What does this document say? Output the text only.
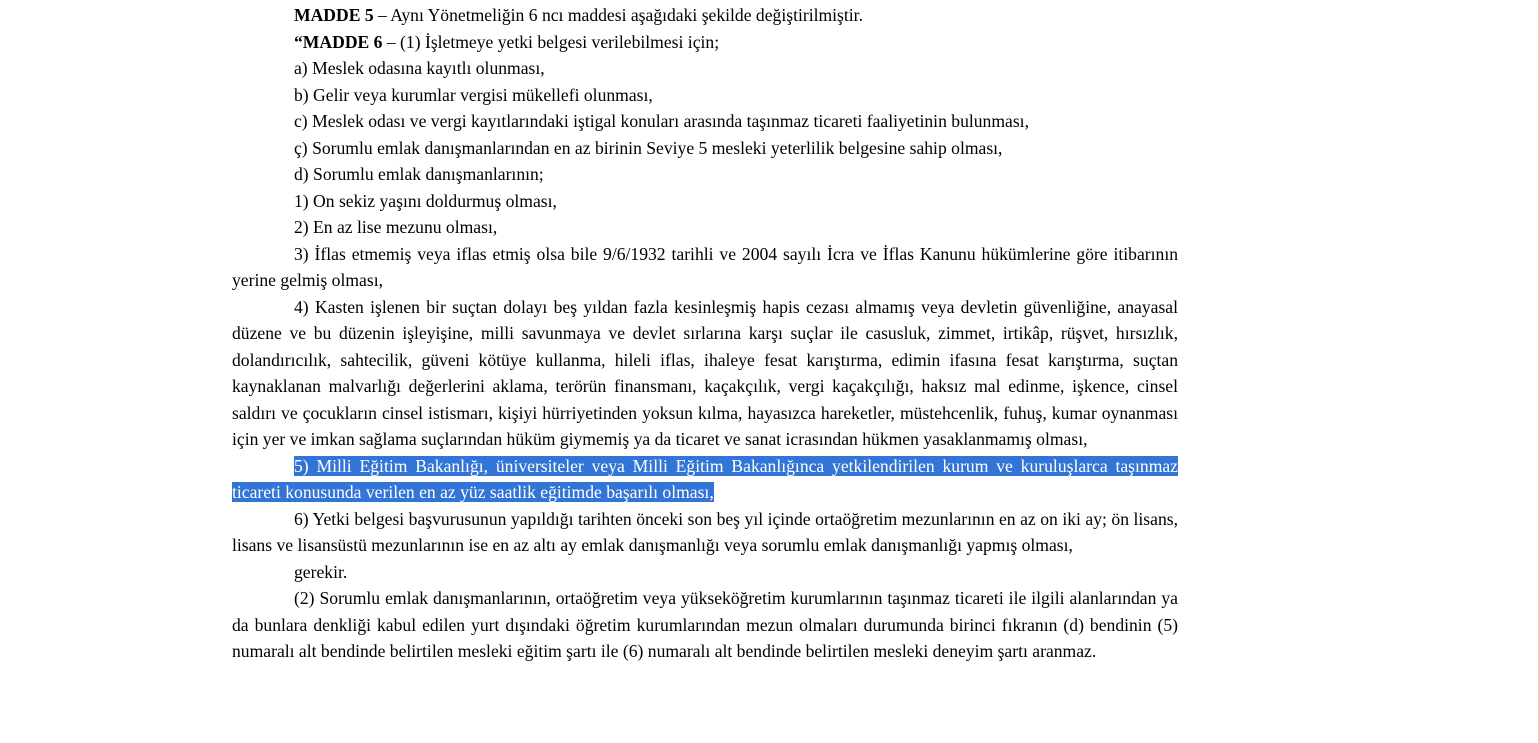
MADDE 5 – Aynı Yönetmeliğin 6 ncı maddesi aşağıdaki şekilde değiştirilmiştir.

“MADDE 6 – (1) İşletmeye yetki belgesi verilebilmesi için;

a) Meslek odasına kayıtlı olunması,

b) Gelir veya kurumlar vergisi mükellefi olunması,

c) Meslek odası ve vergi kayıtlarındaki iştigal konuları arasında taşınmaz ticareti faaliyetinin bulunması,

ç) Sorumlu emlak danışmanlarından en az birinin Seviye 5 mesleki yeterlilik belgesine sahip olması,

d) Sorumlu emlak danışmanlarının;

1) On sekiz yaşını doldurmuş olması,

2) En az lise mezunu olması,

3) İflas etmemiş veya iflas etmiş olsa bile 9/6/1932 tarihli ve 2004 sayılı İcra ve İflas Kanunu hükümlerine göre itibarının yerine gelmiş olması,

4) Kasten işlenen bir suçtan dolayı beş yıldan fazla kesinleşmiş hapis cezası almamış veya devletin güvenliğine, anayasal düzene ve bu düzenin işleyişine, milli savunmaya ve devlet sırlarına karşı suçlar ile casusluk, zimmet, irtikâp, rüşvet, hırsızlık, dolandırıcılık, sahtecilik, güveni kötüye kullanma, hileli iflas, ihaleye fesat karıştırma, edimin ifasına fesat karıştırma, suçtan kaynaklanan malvarlığı değerlerini aklama, terörün finansmanı, kaçakçılık, vergi kaçakçılığı, haksız mal edinme, işkence, cinsel saldırı ve çocukların cinsel istismarı, kişiyi hürriyetinden yoksun kılma, hayasızca hareketler, müstehcenlik, fuhuş, kumar oynanması için yer ve imkan sağlama suçlarından hüküm giymemiş ya da ticaret ve sanat icrasından hükmen yasaklanmamış olması,

5) Milli Eğitim Bakanlığı, üniversiteler veya Milli Eğitim Bakanlığınca yetkilendirilen kurum ve kuruluşlarca taşınmaz ticareti konusunda verilen en az yüz saatlik eğitimde başarılı olması,

6) Yetki belgesi başvurusunun yapıldığı tarihten önceki son beş yıl içinde ortaöğretim mezunlarının en az on iki ay; ön lisans, lisans ve lisansüstü mezunlarının ise en az altı ay emlak danışmanlığı veya sorumlu emlak danışmanlığı yapmış olması,

gerekir.

(2) Sorumlu emlak danışmanlarının, ortaöğretim veya yükseköğretim kurumlarının taşınmaz ticareti ile ilgili alanlarından ya da bunlara denkliği kabul edilen yurt dışındaki öğretim kurumlarından mezun olmaları durumunda birinci fıkranın (d) bendinin (5) numaralı alt bendinde belirtilen mesleki eğitim şartı ile (6) numaralı alt bendinde belirtilen mesleki deneyim şartı aranmaz.
